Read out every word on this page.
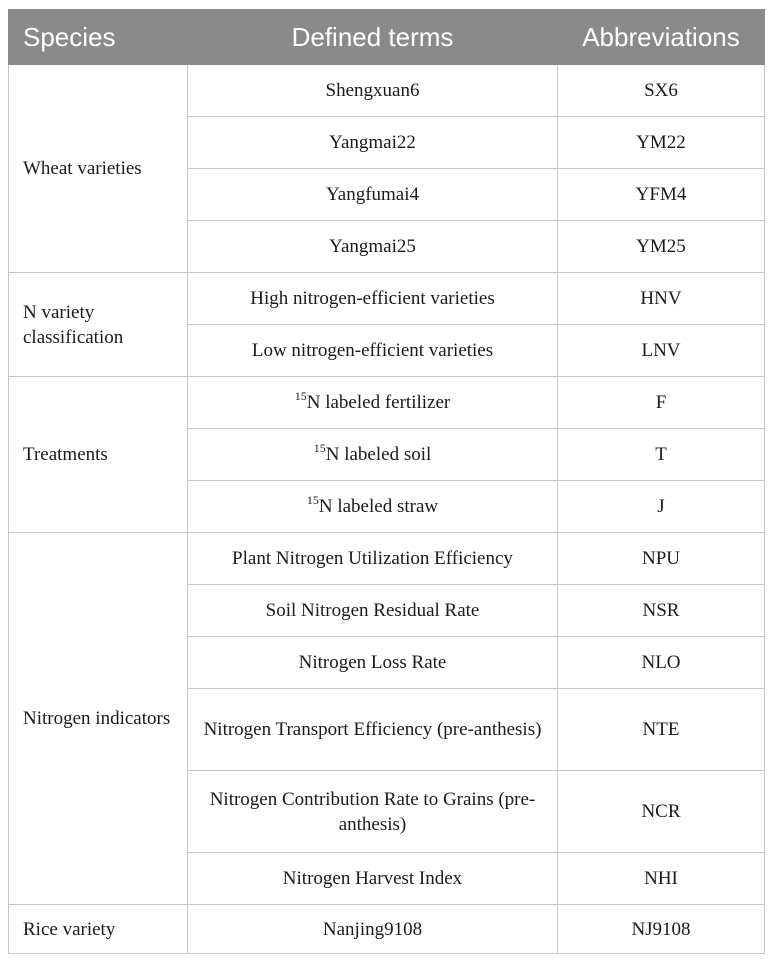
Species	Defined terms	Abbreviations
Wheat varieties	Shengxuan6	SX6
	Yangmai22	YM22
	Yangfumai4	YFM4
	Yangmai25	YM25
N variety classification	High nitrogen-efficient varieties	HNV
	Low nitrogen-efficient varieties	LNV
Treatments	$^{15}$N labeled fertilizer	F
	$^{15}$N labeled soil	T
	$^{15}$N labeled straw	J
Nitrogen indicators	Plant Nitrogen Utilization Efficiency	NPU
	Soil Nitrogen Residual Rate	NSR
	Nitrogen Loss Rate	NLO
	Nitrogen Transport Efficiency (pre-anthesis)	NTE
	Nitrogen Contribution Rate to Grains (pre-anthesis)	NCR
	Nitrogen Harvest Index	NHI
Rice variety	Nanjing9108	NJ9108
